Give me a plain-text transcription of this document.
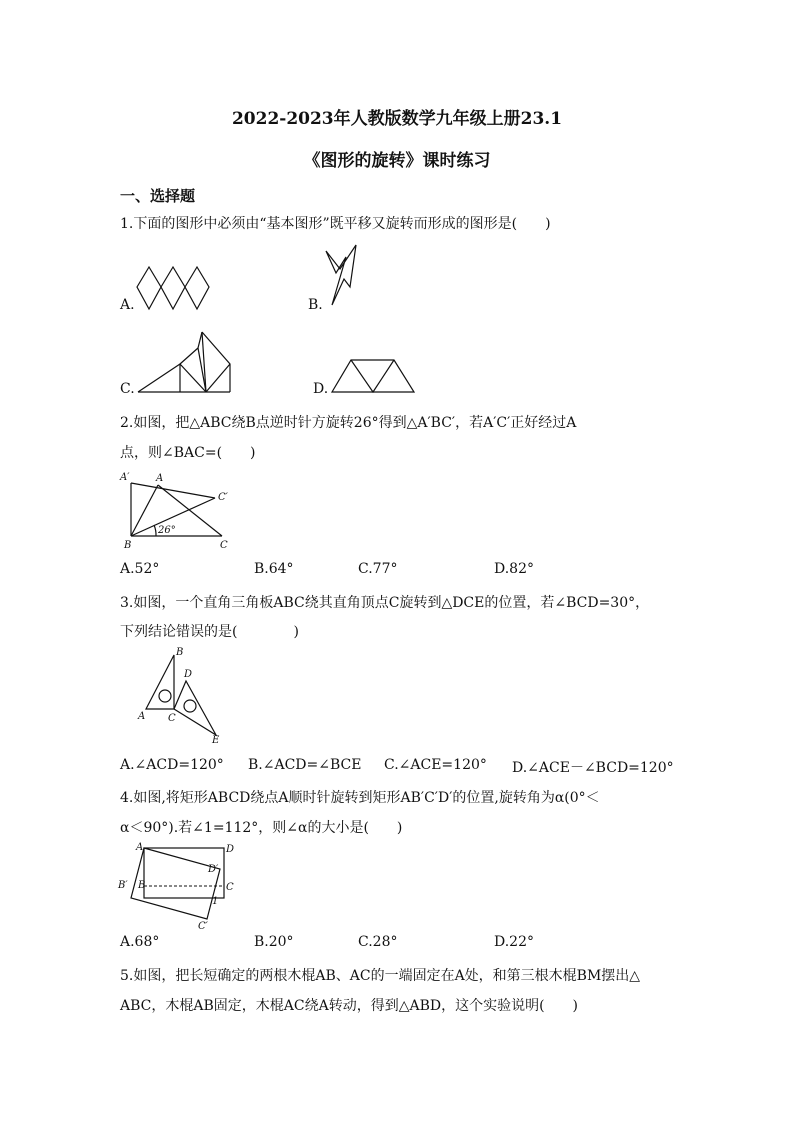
2022-2023年人教版数学九年级上册23.1
《图形的旋转》课时练习
一、选择题
1.下面的图形中必须由“基本图形”既平移又旋转而形成的图形是(　　)
A.	B.
C.	D.
2.如图，把△ABC绕B点逆时针方旋转26°得到△A′BC′，若A′C′正好经过A
点，则∠BAC=(　　)
A′	A
C′
B	C
26°
A.52°	B.64°	C.77°	D.82°
3.如图，一个直角三角板ABC绕其直角顶点C旋转到△DCE的位置，若∠BCD=30°，
下列结论错误的是(　　　　)
B
D
A C
E
A.∠ACD=120° B.∠ACD=∠BCE C.∠ACE=120° D.∠ACE－∠BCD=120°
4.如图,将矩形ABCD绕点A顺时针旋转到矩形AB′C′D′的位置,旋转角为α(0°＜
α＜90°).若∠1=112°，则∠α的大小是(　　)
A	D
D′
B′ B	C
1
C′
A.68°	B.20°	C.28°	D.22°
5.如图，把长短确定的两根木棍AB、AC的一端固定在A处，和第三根木棍BM摆出△
ABC，木棍AB固定，木棍AC绕A转动，得到△ABD，这个实验说明(　　)
